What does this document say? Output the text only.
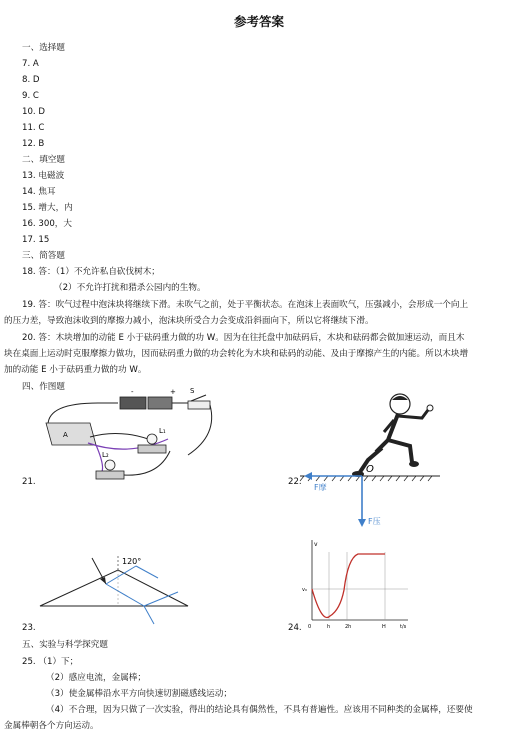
参考答案
一、选择题
7. A
8. D
9. C
10. D
11. C
12. B
二、填空题
13. 电磁波
14. 焦耳
15. 增大，内
16. 300，大
17. 15
三、简答题
18. 答：（1）不允许私自砍伐树木；
（2）不允许打扰和猎杀公园内的生物。
19. 答：吹气过程中泡沫块将继续下滑。未吹气之前，处于平衡状态。在泡沫上表面吹气，压强减小，会形成一个向上
的压力差，导致泡沫收到的摩擦力减小，泡沫块所受合力会变成沿斜面向下，所以它将继续下滑。
20. 答：木块增加的动能 E 小于砝码重力做的功 W。因为在往托盘中加砝码后，木块和砝码都会做加速运动，而且木
块在桌面上运动时克服摩擦力做功，因而砝码重力做的功会转化为木块和砝码的动能、及由于摩擦产生的内能。所以木块增
加的动能 E 小于砝码重力做的功 W。
四、作图题	-	+ S
A	L₁
L₂
21.
O
F摩
F压
22.
120°
23.
v
t/s
v₀
0	h	2h	H
24.
五、实验与科学探究题
25. （1）下；
（2）感应电流，金属棒；
（3）使金属棒沿水平方向快速切割磁感线运动；
（4）不合理，因为只做了一次实验，得出的结论具有偶然性，不具有普遍性。应该用不同种类的金属棒，还要使
金属棒朝各个方向运动。
